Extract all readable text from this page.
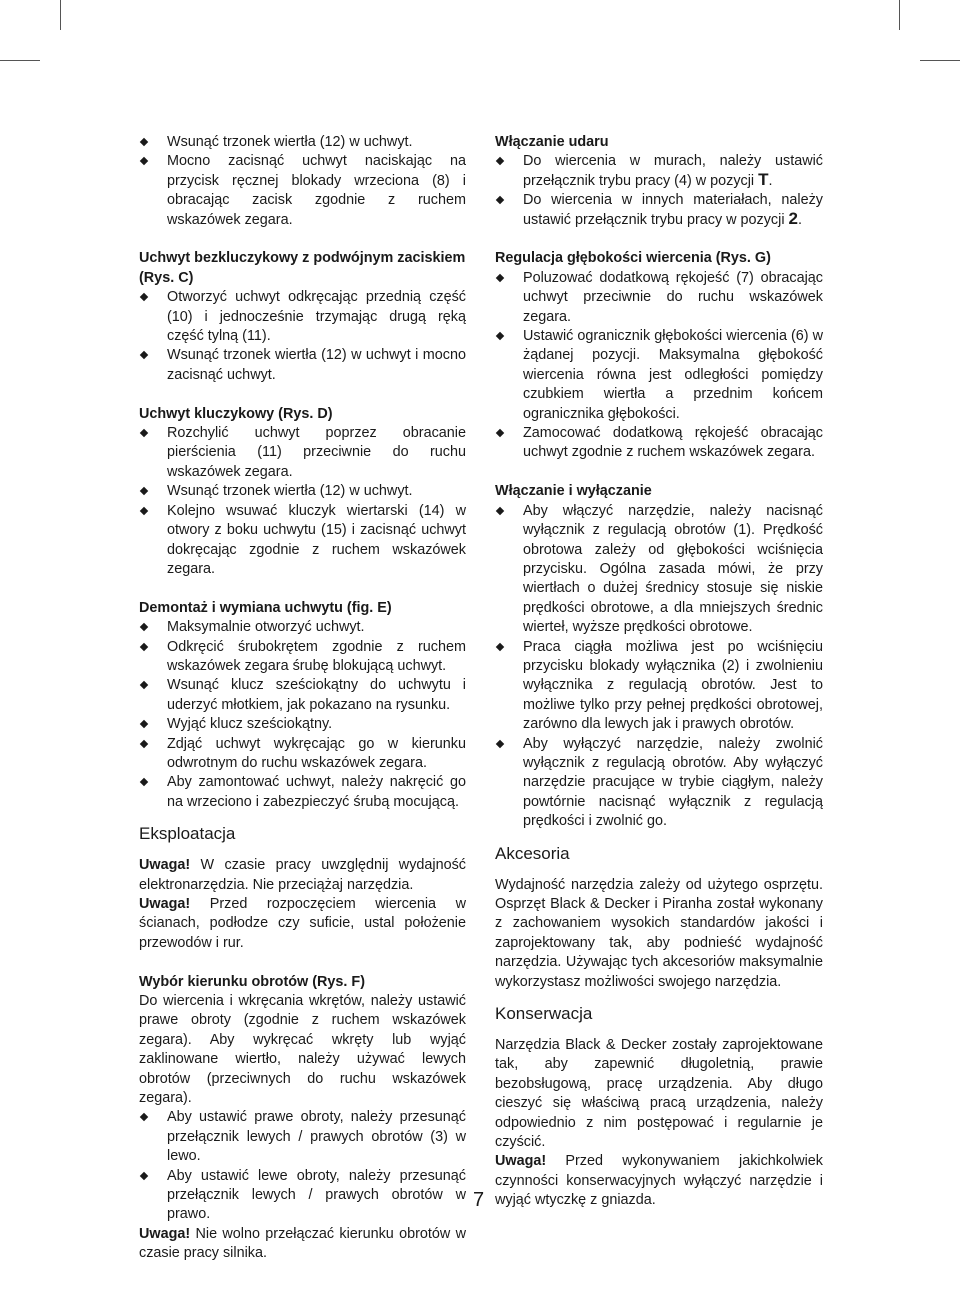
Wsunąć trzonek wiertła (12) w uchwyt.
Mocno zacisnąć uchwyt naciskając na przycisk ręcznej blokady wrzeciona (8) i obracając zacisk zgodnie z ruchem wskazówek zegara.
Uchwyt bezkluczykowy z podwójnym zaciskiem (Rys. C)
Otworzyć uchwyt odkręcając przednią część (10) i jednocześnie trzymając drugą ręką część tylną (11).
Wsunąć trzonek wiertła (12) w uchwyt i mocno zacisnąć uchwyt.
Uchwyt kluczykowy (Rys. D)
Rozchylić uchwyt poprzez obracanie pierścienia (11) przeciwnie do ruchu wskazówek zegara.
Wsunąć trzonek wiertła (12) w uchwyt.
Kolejno wsuwać kluczyk wiertarski (14) w otwory z boku uchwytu (15) i zacisnąć uchwyt dokręcając zgodnie z ruchem wskazówek zegara.
Demontaż i wymiana uchwytu (fig. E)
Maksymalnie otworzyć uchwyt.
Odkręcić śrubokrętem zgodnie z ruchem wskazówek zegara śrubę blokującą uchwyt.
Wsunąć klucz sześciokątny do uchwytu i uderzyć młotkiem, jak pokazano na rysunku.
Wyjąć klucz sześciokątny.
Zdjąć uchwyt wykręcając go w kierunku odwrotnym do ruchu wskazówek zegara.
Aby zamontować uchwyt, należy nakręcić go na wrzeciono i zabezpieczyć śrubą mocującą.
Eksploatacja

Uwaga! W czasie pracy uwzględnij wydajność elektronarzędzia. Nie przeciążaj narzędzia.

Uwaga! Przed rozpoczęciem wiercenia w ścianach, podłodze czy suficie, ustal położenie przewodów i rur.

Wybór kierunku obrotów (Rys. F)

Do wiercenia i wkręcania wkrętów, należy ustawić prawe obroty (zgodnie z ruchem wskazówek zegara). Aby wykręcać wkręty lub wyjąć zaklinowane wiertło, należy używać lewych obrotów (przeciwnych do ruchu wskazówek zegara).

Aby ustawić prawe obroty, należy przesunąć przełącznik lewych / prawych obrotów (3) w lewo.
Aby ustawić lewe obroty, należy przesunąć przełącznik lewych / prawych obrotów w prawo.

Uwaga! Nie wolno przełączać kierunku obrotów w czasie pracy silnika.

Włączanie udaru
Do wiercenia w murach, należy ustawić przełącznik trybu pracy (4) w pozycji T.
Do wiercenia w innych materiałach, należy ustawić przełącznik trybu pracy w pozycji 2.
Regulacja głębokości wiercenia (Rys. G)
Poluzować dodatkową rękojeść (7) obracając uchwyt przeciwnie do ruchu wskazówek zegara.
Ustawić ogranicznik głębokości wiercenia (6) w żądanej pozycji. Maksymalna głębokość wiercenia równa jest odległości pomiędzy czubkiem wiertła a przednim końcem ogranicznika głębokości.
Zamocować dodatkową rękojeść obracając uchwyt zgodnie z ruchem wskazówek zegara.
Włączanie i wyłączanie
Aby włączyć narzędzie, należy nacisnąć wyłącznik z regulacją obrotów (1). Prędkość obrotowa zależy od głębokości wciśnięcia przycisku. Ogólna zasada mówi, że przy wiertłach o dużej średnicy stosuje się niskie prędkości obrotowe, a dla mniejszych średnic wierteł, wyższe prędkości obrotowe.
Praca ciągła możliwa jest po wciśnięciu przycisku blokady wyłącznika (2) i zwolnieniu wyłącznika z regulacją obrotów. Jest to możliwe tylko przy pełnej prędkości obrotowej, zarówno dla lewych jak i prawych obrotów.
Aby wyłączyć narzędzie, należy zwolnić wyłącznik z regulacją obrotów. Aby wyłączyć narzędzie pracujące w trybie ciągłym, należy powtórnie nacisnąć wyłącznik z regulacją prędkości i zwolnić go.
Akcesoria

Wydajność narzędzia zależy od użytego osprzętu. Osprzęt Black & Decker i Piranha został wykonany z zachowaniem wysokich standardów jakości i zaprojektowany tak, aby podnieść wydajność narzędzia. Używając tych akcesoriów maksymalnie wykorzystasz możliwości swojego narzędzia.

Konserwacja

Narzędzia Black & Decker zostały zaprojektowane tak, aby zapewnić długoletnią, prawie bezobsługową, pracę urządzenia. Aby długo cieszyć się właściwą pracą urządzenia, należy odpowiednio z nim postępować i regularnie je czyścić.

Uwaga! Przed wykonywaniem jakichkolwiek czynności konserwacyjnych wyłączyć narzędzie i wyjąć wtyczkę z gniazda.

7
